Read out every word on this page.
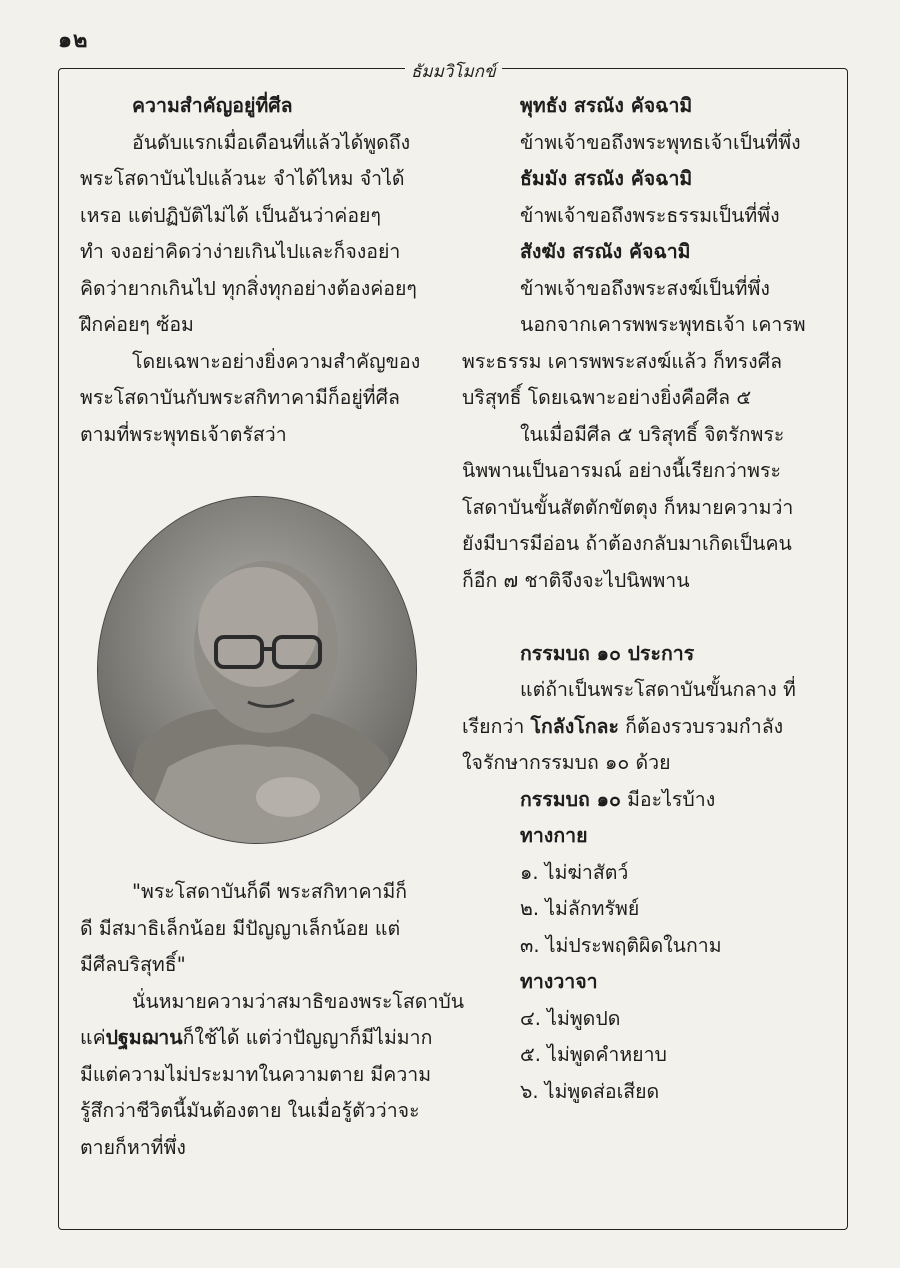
๑๒
ธัมมวิโมกข์
ความสำคัญอยู่ที่ศีล
อันดับแรกเมื่อเดือนที่แล้วได้พูดถึง
พระโสดาบันไปแล้วนะ จำได้ไหม จำได้
เหรอ แต่ปฏิบัติไม่ได้ เป็นอันว่าค่อยๆ
ทำ จงอย่าคิดว่าง่ายเกินไปและก็จงอย่า
คิดว่ายากเกินไป ทุกสิ่งทุกอย่างต้องค่อยๆ
ฝึกค่อยๆ ซ้อม
โดยเฉพาะอย่างยิ่งความสำคัญของ
พระโสดาบันกับพระสกิทาคามีก็อยู่ที่ศีล
ตามที่พระพุทธเจ้าตรัสว่า
"พระโสดาบันก็ดี พระสกิทาคามีก็
ดี มีสมาธิเล็กน้อย มีปัญญาเล็กน้อย แต่
มีศีลบริสุทธิ์"
นั่นหมายความว่าสมาธิของพระโสดาบัน
แค่ปฐมฌานก็ใช้ได้ แต่ว่าปัญญาก็มีไม่มาก
มีแต่ความไม่ประมาทในความตาย มีความ
รู้สึกว่าชีวิตนี้มันต้องตาย ในเมื่อรู้ตัวว่าจะ
ตายก็หาที่พึ่ง
พุทธัง สรณัง คัจฉามิ
ข้าพเจ้าขอถึงพระพุทธเจ้าเป็นที่พึ่ง
ธัมมัง สรณัง คัจฉามิ
ข้าพเจ้าขอถึงพระธรรมเป็นที่พึ่ง
สังฆัง สรณัง คัจฉามิ
ข้าพเจ้าขอถึงพระสงฆ์เป็นที่พึ่ง
นอกจากเคารพพระพุทธเจ้า เคารพ
พระธรรม เคารพพระสงฆ์แล้ว ก็ทรงศีล
บริสุทธิ์ โดยเฉพาะอย่างยิ่งคือศีล ๕
ในเมื่อมีศีล ๕ บริสุทธิ์ จิตรักพระ
นิพพานเป็นอารมณ์ อย่างนี้เรียกว่าพระ
โสดาบันขั้นสัตตักขัตตุง ก็หมายความว่า
ยังมีบารมีอ่อน ถ้าต้องกลับมาเกิดเป็นคน
ก็อีก ๗ ชาติจึงจะไปนิพพาน
กรรมบถ ๑๐ ประการ
แต่ถ้าเป็นพระโสดาบันขั้นกลาง ที่
เรียกว่า โกลังโกละ ก็ต้องรวบรวมกำลัง
ใจรักษากรรมบถ ๑๐ ด้วย
กรรมบถ ๑๐ มีอะไรบ้าง
ทางกาย
๑. ไม่ฆ่าสัตว์
๒. ไม่ลักทรัพย์
๓. ไม่ประพฤติผิดในกาม
ทางวาจา
๔. ไม่พูดปด
๕. ไม่พูดคำหยาบ
๖. ไม่พูดส่อเสียด
